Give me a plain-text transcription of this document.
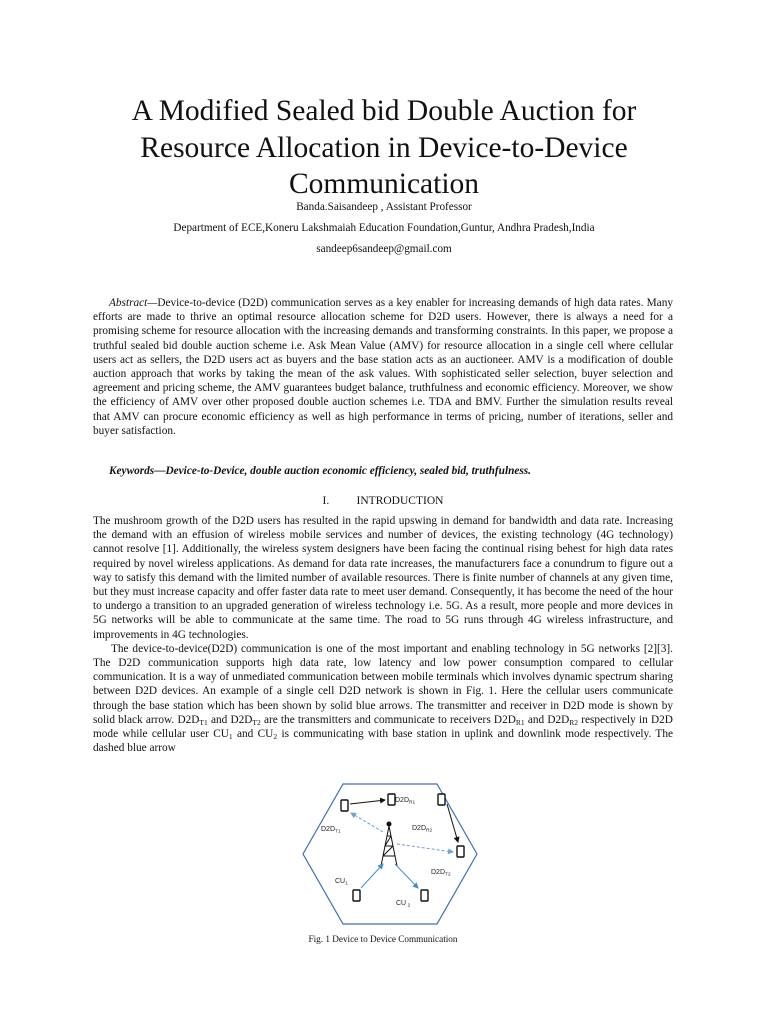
A Modified Sealed bid Double Auction for
Resource Allocation in Device-to-Device
Communication
Banda.Saisandeep , Assistant Professor
Department of ECE,Koneru Lakshmaiah Education Foundation,Guntur, Andhra Pradesh,India
sandeep6sandeep@gmail.com

Abstract—Device-to-device (D2D) communication serves as a key enabler for increasing demands of high data rates. Many efforts are made to thrive an optimal resource allocation scheme for D2D users. However, there is always a need for a promising scheme for resource allocation with the increasing demands and transforming constraints. In this paper, we propose a truthful sealed bid double auction scheme i.e. Ask Mean Value (AMV) for resource allocation in a single cell where cellular users act as sellers, the D2D users act as buyers and the base station acts as an auctioneer. AMV is a modification of double auction approach that works by taking the mean of the ask values. With sophisticated seller selection, buyer selection and agreement and pricing scheme, the AMV guarantees budget balance, truthfulness and economic efficiency. Moreover, we show the efficiency of AMV over other proposed double auction schemes i.e. TDA and BMV. Further the simulation results reveal that AMV can procure economic efficiency as well as high performance in terms of pricing, number of iterations, seller and buyer satisfaction.

Keywords—Device-to-Device, double auction economic efficiency, sealed bid, truthfulness.
I. INTRODUCTION

The mushroom growth of the D2D users has resulted in the rapid upswing in demand for bandwidth and data rate. Increasing the demand with an effusion of wireless mobile services and number of devices, the existing technology (4G technology) cannot resolve [1]. Additionally, the wireless system designers have been facing the continual rising behest for high data rates required by novel wireless applications. As demand for data rate increases, the manufacturers face a conundrum to figure out a way to satisfy this demand with the limited number of available resources. There is finite number of channels at any given time, but they must increase capacity and offer faster data rate to meet user demand. Consequently, it has become the need of the hour to undergo a transition to an upgraded generation of wireless technology i.e. 5G. As a result, more people and more devices in 5G networks will be able to communicate at the same time. The road to 5G runs through 4G wireless infrastructure, and improvements in 4G technologies.

The device-to-device(D2D) communication is one of the most important and enabling technology in 5G networks [2][3]. The D2D communication supports high data rate, low latency and low power consumption compared to cellular communication. It is a way of unmediated communication between mobile terminals which involves dynamic spectrum sharing between D2D devices. An example of a single cell D2D network is shown in Fig. 1. Here the cellular users communicate through the base station which has been shown by solid blue arrows. The transmitter and receiver in D2D mode is shown by solid black arrow. $D2D_{T1}$ and $D2D_{T2}$ are the transmitters and communicate to receivers $D2D_{R1}$ and $D2D_{R2}$ respectively in D2D mode while cellular user $CU_1$ and $CU_2$ is communicating with base station in uplink and downlink mode respectively. The dashed blue arrow

$D2D_{R1}$
$D2D_{T1}$	$D2D_{R2}$
$D2D_{T2}$
$CU_1$
CU $_2$
Fig. 1 Device to Device Communication
